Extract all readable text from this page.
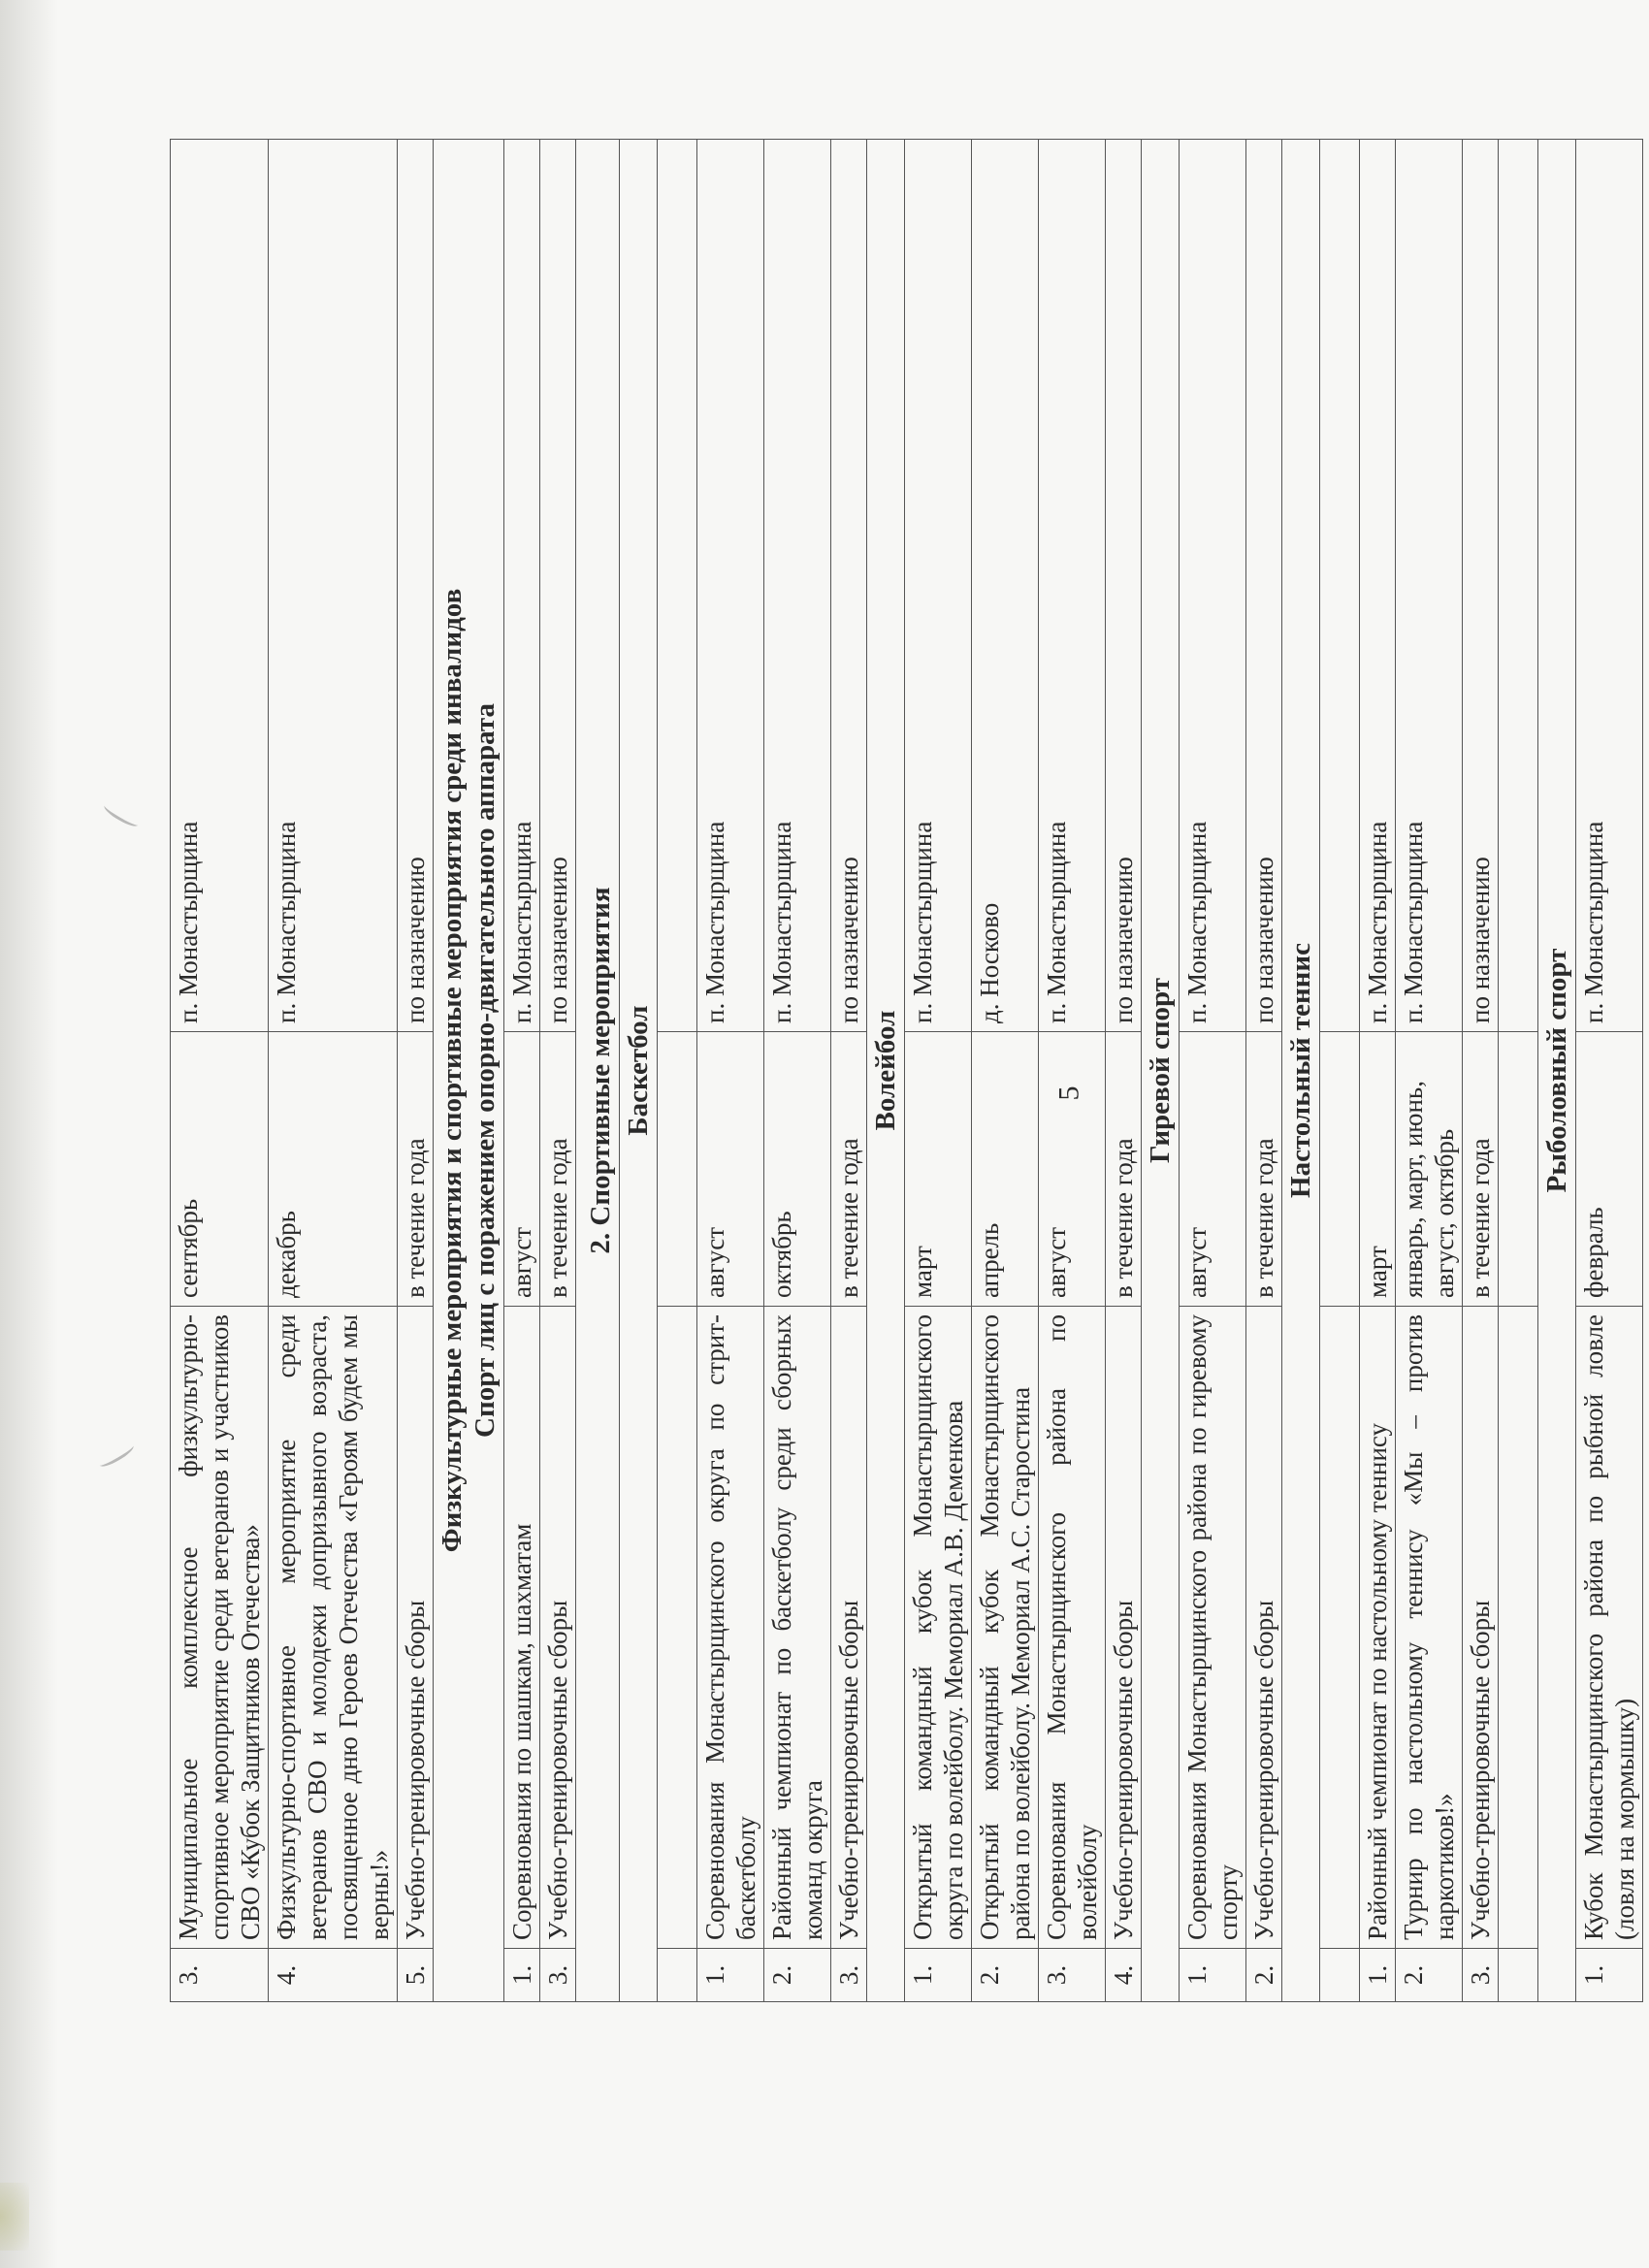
3.	Муниципальное комплексное физкультурно-спортивное мероприятие среди ветеранов и участников СВО «Кубок Защитников Отечества»	сентябрь	п. Монастырщина
4.	Физкультурно-спортивное мероприятие среди ветеранов СВО и молодежи допризывного возраста, посвященное дню Героев Отечества «Героям будем мы верны!»	декабрь	п. Монастырщина
5.	Учебно-тренировочные сборы	в течение года	по назначению

Физкультурные мероприятия и спортивные мероприятия среди инвалидов Спорт лиц с поражением опорно-двигательного аппарата			

1.	Соревнования по шашкам, шахматам	август	п. Монастырщина
3.	Учебно-тренировочные сборы	в течение года	по назначению
2. Спортивные мероприятия			
Баскетбол			

1.	Соревнования Монастырщинского округа по стрит-баскетболу	август	п. Монастырщина
2.	Районный чемпионат по баскетболу среди сборных команд округа	октябрь	п. Монастырщина
3.	Учебно-тренировочные сборы	в течение года	по назначению
Волейбол			
1.	Открытый командный кубок Монастырщинского округа по волейболу. Мемориал А.В. Деменкова	март	п. Монастырщина
2.	Открытый командный кубок Монастырщинского района по волейболу. Мемориал А.С. Старостина	апрель	д. Носково
3.	Соревнования Монастырщинского района по волейболу	август	п. Монастырщина
4.	Учебно-тренировочные сборы	в течение года	по назначению
Гиревой спорт			
1.	Соревнования Монастырщинского района по гиревому спорту	август	п. Монастырщина
2.	Учебно-тренировочные сборы	в течение года	по назначению
Настольный теннис			

1.	Районный чемпионат по настольному теннису	март	п. Монастырщина
2.	Турнир по настольному теннису «Мы – против наркотиков!»	январь, март, июнь, август, октябрь	п. Монастырщина
3.	Учебно-тренировочные сборы	в течение года	по назначению

Рыболовный спорт			
1.	Кубок Монастырщинского района по рыбной ловле (ловля на мормышку)	февраль	п. Монастырщина
5
